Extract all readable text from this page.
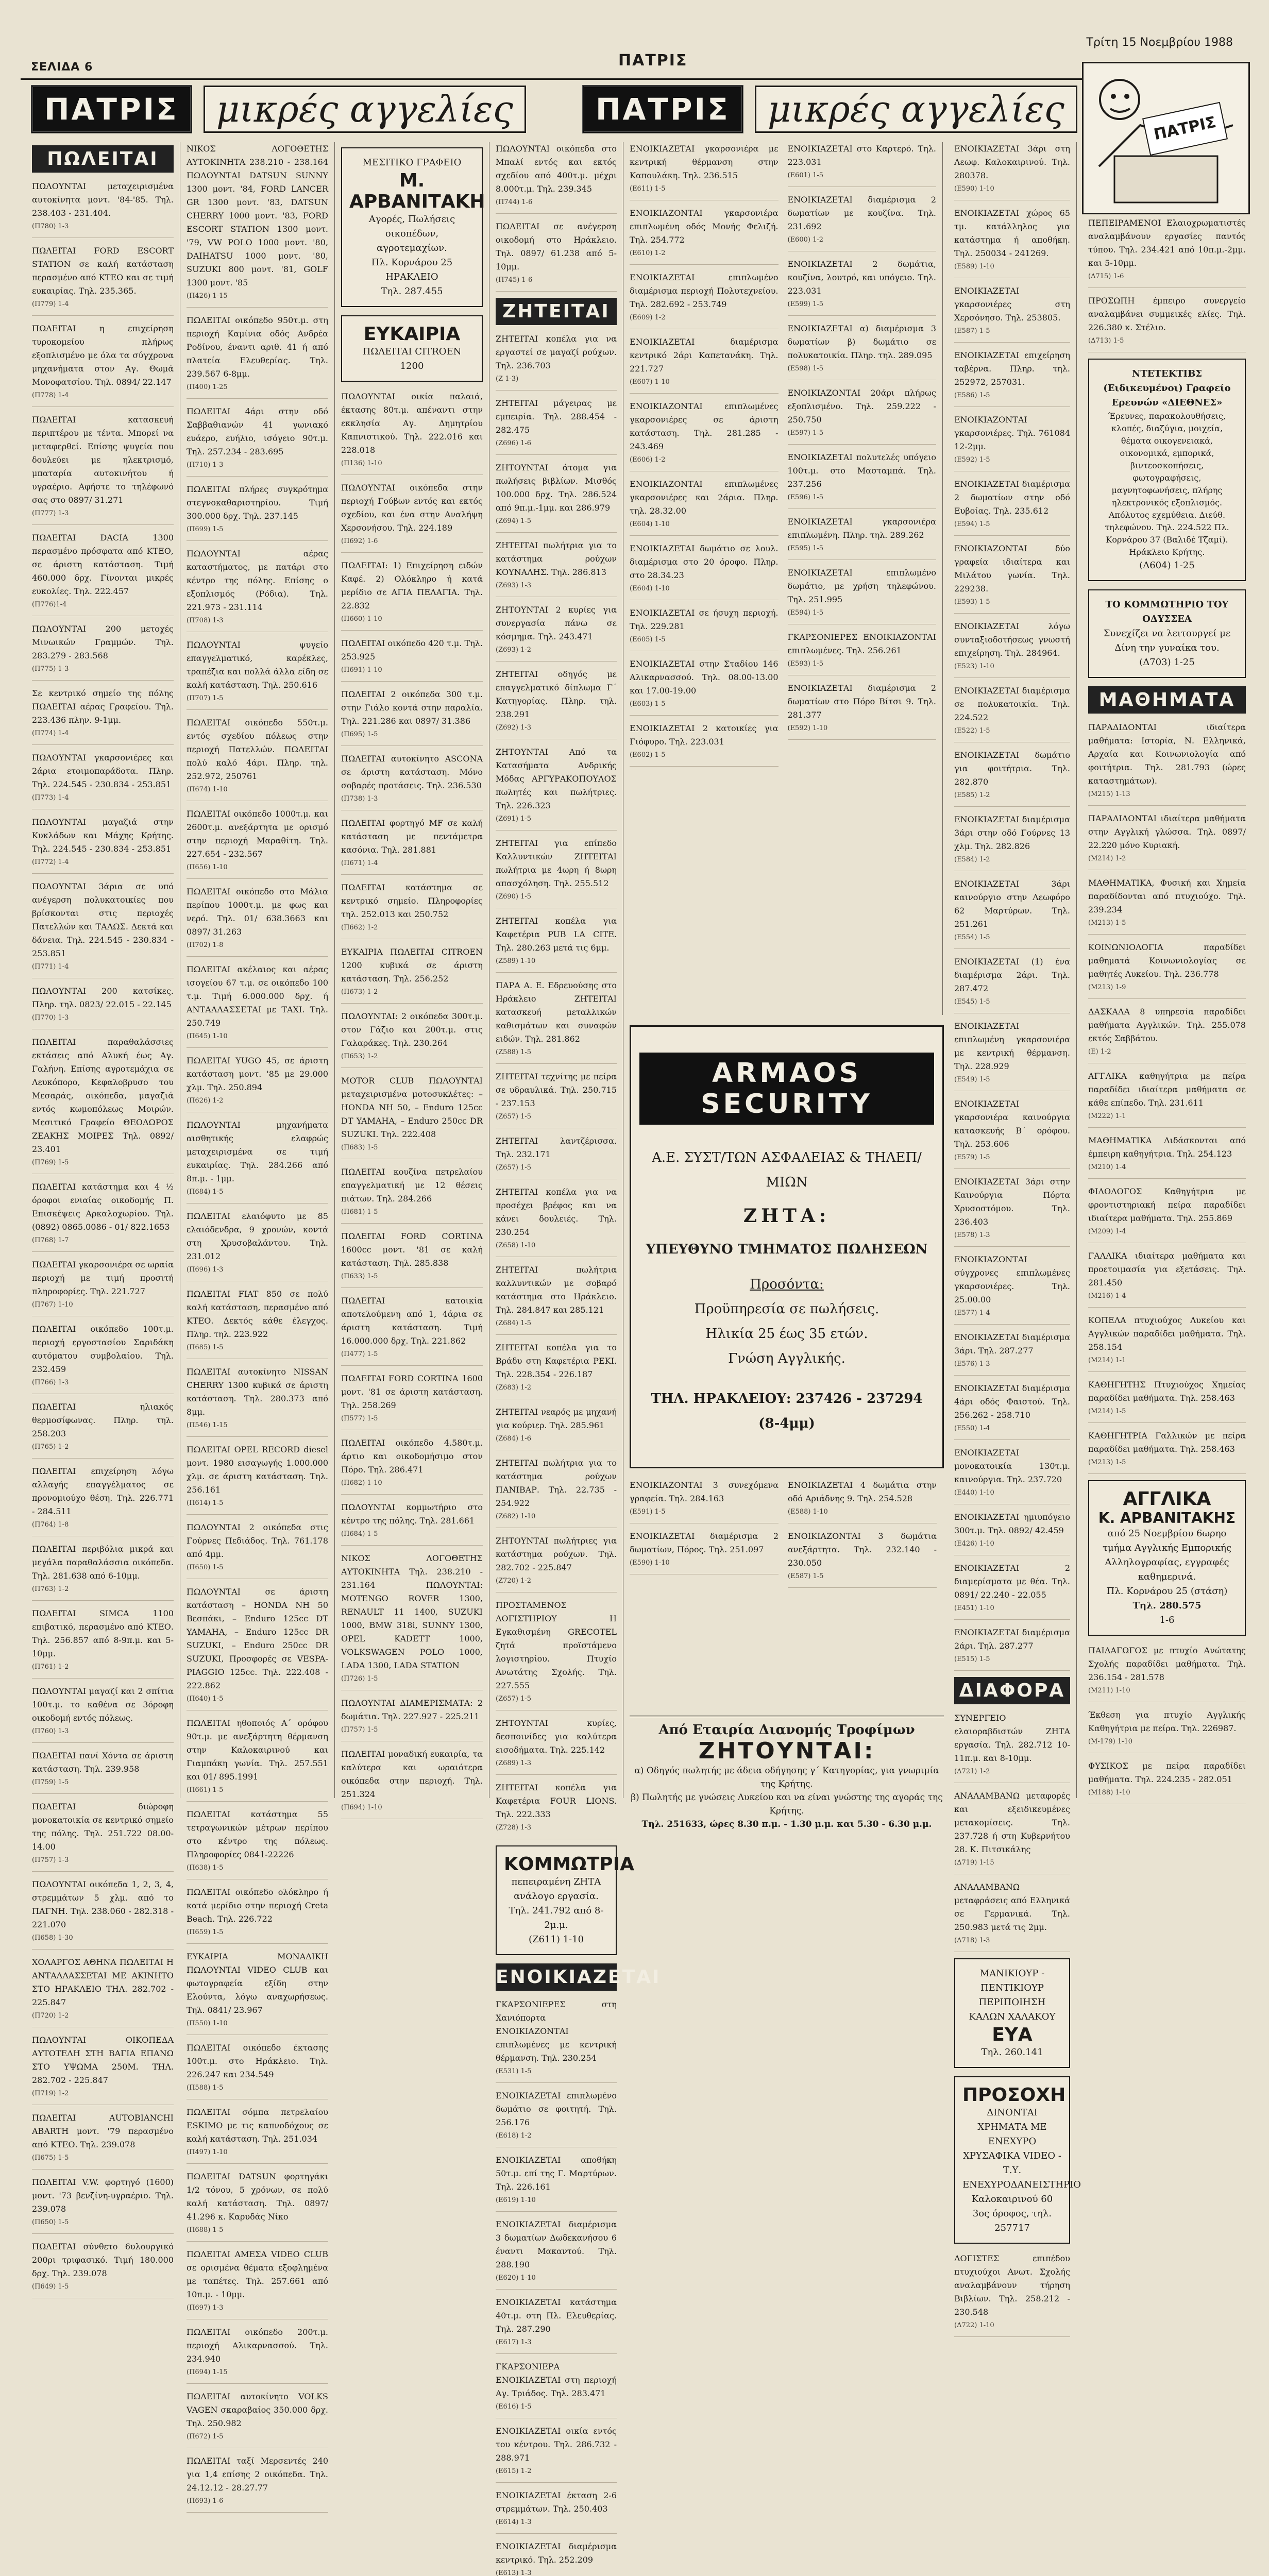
ΣΕΛΙΔΑ 6	ΠΑΤΡΙΣ
Τρίτη 15 Νοεμβρίου 1988
ΠΑΤΡΙΣ	μικρές αγγελίες	ΠΑΤΡΙΣ	μικρές αγγελίες	ΠΑΤΡΙΣ
ΠΩΛΕΙΤΑΙ
ΠΩΛΟΥΝΤΑΙ μεταχειρισμένα αυτοκίνητα μοντ. '84-'85. Τηλ. 238.403 - 231.404.
(Π780) 1-3
ΠΩΛΕΙΤΑΙ FORD ESCORT STATION σε καλή κατάσταση περασμένο από ΚΤΕΟ και σε τιμή ευκαιρίας. Τηλ. 235.365.
(Π779) 1-4
ΠΩΛΕΙΤΑΙ η επιχείρηση τυροκομείου πλήρως εξοπλισμένο με όλα τα σύγχρονα μηχανήματα στον Αγ. Θωμά Μονοφατσίου. Τηλ. 0894/ 22.147
(Π778) 1-4
ΠΩΛΕΙΤΑΙ κατασκευή περιπτέρου με τέντα. Μπορεί να μεταφερθεί. Επίσης ψυγεία που δουλεύει με ηλεκτρισμό, μπαταρία αυτοκινήτου ή υγραέριο. Αφήστε το τηλέφωνό σας στο 0897/ 31.271
(Π777) 1-3
ΠΩΛΕΙΤΑΙ DACIA 1300 περασμένο πρόσφατα από ΚΤΕΟ, σε άριστη κατάσταση. Τιμή 460.000 δρχ. Γίνονται μικρές ευκολίες. Τηλ. 222.457
(Π776)1-4
ΠΩΛΟΥΝΤΑΙ 200 μετοχές Μινωικών Γραμμών. Τηλ. 283.279 - 283.568
(Π775) 1-3
Σε κεντρικό σημείο της πόλης ΠΩΛΕΙΤΑΙ αέρας Γραφείου. Τηλ. 223.436 πλην. 9-1μμ.
(Π774) 1-4
ΠΩΛΟΥΝΤΑΙ γκαρσονιέρες και 2άρια ετοιμοπαράδοτα. Πληρ. Τηλ. 224.545 - 230.834 - 253.851
(Π773) 1-4
ΠΩΛΟΥΝΤΑΙ μαγαζιά στην Κυκλάδων και Μάχης Κρήτης. Τηλ. 224.545 - 230.834 - 253.851
(Π772) 1-4
ΠΩΛΟΥΝΤΑΙ 3άρια σε υπό ανέγερση πολυκατοικίες που βρίσκονται στις περιοχές Πατελλών και ΤΑΛΩΣ. Δεκτά και δάνεια. Τηλ. 224.545 - 230.834 - 253.851
(Π771) 1-4
ΠΩΛΟΥΝΤΑΙ 200 κατσίκες. Πληρ. τηλ. 0823/ 22.015 - 22.145
(Π770) 1-3
ΠΩΛΕΙΤΑΙ παραθαλάσσιες εκτάσεις από Αλυκή έως Αγ. Γαλήνη. Επίσης αγροτεμάχια σε Λευκόπορο, Κεφαλοβρυσο του Μεσαράς, οικόπεδα, μαγαζιά εντός κωμοπόλεως Μοιρών. Μεσιτικό Γραφείο ΘΕΟΔΩΡΟΣ ΖΕΑΚΗΣ ΜΟΙΡΕΣ Τηλ. 0892/ 23.401
(Π769) 1-5
ΠΩΛΕΙΤΑΙ κατάστημα και 4 ½ όροφοι ενιαίας οικοδομής Π. Επισκέψεις Αρκαλοχωρίου. Τηλ. (0892) 0865.0086 - 01/ 822.1653
(Π768) 1-7
ΠΩΛΕΙΤΑΙ γκαρσονιέρα σε ωραία περιοχή με τιμή προσιτή πληροφορίες. Τηλ. 221.727
(Π767) 1-10
ΠΩΛΕΙΤΑΙ οικόπεδο 100τ.μ. περιοχή εργοστασίου Σαριδάκη αυτόματου συμβολαίου. Τηλ. 232.459
(Π766) 1-3
ΠΩΛΕΙΤΑΙ ηλιακός θερμοσίφωνας. Πληρ. τηλ. 258.203
(Π765) 1-2
ΠΩΛΕΙΤΑΙ επιχείρηση λόγω αλλαγής επαγγέλματος σε προνομιούχο θέση. Τηλ. 226.771 - 284.511
(Π764) 1-8
ΠΩΛΕΙΤΑΙ περιβόλια μικρά και μεγάλα παραθαλάσσια οικόπεδα. Τηλ. 281.638 από 6-10μμ.
(Π763) 1-2
ΠΩΛΕΙΤΑΙ SIMCA 1100 επιβατικό, περασμένο από ΚΤΕΟ. Τηλ. 256.857 από 8-9π.μ. και 5-10μμ.
(Π761) 1-2
ΠΩΛΟΥΝΤΑΙ μαγαζί και 2 σπίτια 100τ.μ. το καθένα σε 3όροφη οικοδομή εντός πόλεως.
(Π760) 1-3
ΠΩΛΕΙΤΑΙ πανί Χόντα σε άριστη κατάσταση. Τηλ. 239.958
(Π759) 1-5
ΠΩΛΕΙΤΑΙ διώροφη μονοκατοικία σε κεντρικό σημείο της πόλης. Τηλ. 251.722 08.00-14.00
(Π757) 1-3
ΠΩΛΟΥΝΤΑΙ οικόπεδα 1, 2, 3, 4, στρεμμάτων 5 χλμ. από το ΠΑΓΝΗ. Τηλ. 238.060 - 282.318 - 221.070
(Π658) 1-30
ΧΟΛΑΡΓΟΣ ΑΘΗΝΑ ΠΩΛΕΙΤΑΙ Η ΑΝΤΑΛΛΑΣΣΕΤΑΙ ΜΕ ΑΚΙΝΗΤΟ ΣΤΟ ΗΡΑΚΛΕΙΟ ΤΗΛ. 282.702 - 225.847
(Π720) 1-2
ΠΩΛΟΥΝΤΑΙ ΟΙΚΟΠΕΔΑ ΑΥΤΟΤΕΛΗ ΣΤΗ ΒΑΓΙΑ ΕΠΑΝΩ ΣΤΟ ΥΨΩΜΑ 250Μ. ΤΗΛ. 282.702 - 225.847
(Π719) 1-2
ΠΩΛΕΙΤΑΙ AUTOBIANCHI ABARTH μοντ. '79 περασμένο από ΚΤΕΟ. Τηλ. 239.078
(Π675) 1-5
ΠΩΛΕΙΤΑΙ V.W. φορτηγό (1600) μοντ. '73 βενζίνη-υγραέριο. Τηλ. 239.078
(Π650) 1-5
ΠΩΛΕΙΤΑΙ σύνθετο 6υλουργικό 200ρι τριφασικό. Τιμή 180.000 δρχ. Τηλ. 239.078
(Π649) 1-5
ΝΙΚΟΣ ΛΟΓΟΘΕΤΗΣ ΑΥΤΟΚΙΝΗΤΑ 238.210 - 238.164 ΠΩΛΟΥΝΤΑΙ DATSUN SUNNY 1300 μοντ. '84, FORD LANCER GR 1300 μοντ. '83, DATSUN CHERRY 1000 μοντ. '83, FORD ESCORT STATION 1300 μοντ. '79, VW POLO 1000 μοντ. '80, DAIHATSU 1000 μοντ. '80, SUZUKI 800 μοντ. '81, GOLF 1300 μοντ. '85
(Π426) 1-15
ΠΩΛΕΙΤΑΙ οικόπεδο 950τ.μ. στη περιοχή Καμίνια οδός Ανδρέα Ροδίνου, έναντι αριθ. 41 ή από πλατεία Ελευθερίας. Τηλ. 239.567 6-8μμ.
(Π400) 1-25
ΠΩΛΕΙΤΑΙ 4άρι στην οδό Σαββαθιανών 41 γωνιακό ευάερο, ευήλιο, ισόγειο 90τ.μ. Τηλ. 257.234 - 283.695
(Π710) 1-3
ΠΩΛΕΙΤΑΙ πλήρες συγκρότημα στεγνοκαθαριστηρίου. Τιμή 300.000 δρχ. Τηλ. 237.145
(Π699) 1-5
ΠΩΛΟΥΝΤΑΙ αέρας καταστήματος, με πατάρι στο κέντρο της πόλης. Επίσης ο εξοπλισμός (Ρόδια). Τηλ. 221.973 - 231.114
(Π708) 1-3
ΠΩΛΟΥΝΤΑΙ ψυγείο επαγγελματικό, καρέκλες, τραπέζια και πολλά άλλα είδη σε καλή κατάσταση. Τηλ. 250.616
(Π707) 1-5
ΠΩΛΕΙΤΑΙ οικόπεδο 550τ.μ. εντός σχεδίου πόλεως στην περιοχή Πατελλών. ΠΩΛΕΙΤΑΙ πολύ καλό 4άρι. Πληρ. τηλ. 252.972, 250761
(Π674) 1-10
ΠΩΛΕΙΤΑΙ οικόπεδο 1000τ.μ. και 2600τ.μ. ανεξάρτητα με ορισμό στην περιοχή Μαραθίτη. Τηλ. 227.654 - 232.567
(Π656) 1-10
ΠΩΛΕΙΤΑΙ οικόπεδο στο Μάλια περίπου 1000τ.μ. με φως και νερό. Τηλ. 01/ 638.3663 και 0897/ 31.263
(Π702) 1-8
ΠΩΛΕΙΤΑΙ ακέλαιος και αέρας ισογείου 67 τ.μ. σε οικόπεδο 100 τ.μ. Τιμή 6.000.000 δρχ. ή ΑΝΤΑΛΛΑΣΣΕΤΑΙ με ΤΑΧΙ. Τηλ. 250.749
(Π645) 1-10
ΠΩΛΕΙΤΑΙ YUGO 45, σε άριστη κατάσταση μοντ. '85 με 29.000 χλμ. Τηλ. 250.894
(Π626) 1-2
ΠΩΛΟΥΝΤΑΙ μηχανήματα αισθητικής ελαφρώς μεταχειρισμένα σε τιμή ευκαιρίας. Τηλ. 284.266 από 8π.μ. - 1μμ.
(Π684) 1-5
ΠΩΛΕΙΤΑΙ ελαιόφυτο με 85 ελαιόδενδρα, 9 χρονών, κοντά στη Χρυσοβαλάντου. Τηλ. 231.012
(Π696) 1-3
ΠΩΛΕΙΤΑΙ FIAT 850 σε πολύ καλή κατάσταση, περασμένο από ΚΤΕΟ. Δεκτός κάθε έλεγχος. Πληρ. τηλ. 223.922
(Π685) 1-5
ΠΩΛΕΙΤΑΙ αυτοκίνητο NISSAN CHERRY 1300 κυβικά σε άριστη κατάσταση. Τηλ. 280.373 από 8μμ.
(Π546) 1-15
ΠΩΛΕΙΤΑΙ OPEL RECORD diesel μοντ. 1980 εισαγωγής 1.000.000 χλμ. σε άριστη κατάσταση. Τηλ. 256.161
(Π614) 1-5
ΠΩΛΟΥΝΤΑΙ 2 οικόπεδα στις Γούρνες Πεδιάδος. Τηλ. 761.178 από 4μμ.
(Π650) 1-5
ΠΩΛΟΥΝΤΑΙ σε άριστη κατάσταση – HONDA NH 50 Βεσπάκι, – Enduro 125cc DT YAMAHA, – Enduro 125cc DR SUZUKI, – Enduro 250cc DR SUZUKI, Προσφορές σε VESPA-PIAGGIO 125cc. Τηλ. 222.408 - 222.862
(Π640) 1-5
ΠΩΛΕΙΤΑΙ ηθοποιός Α΄ ορόφου 90τ.μ. με ανεξάρτητη θέρμανση στην Καλοκαιρινού και Γιαμπάκη γωνία. Τηλ. 257.551 και 01/ 895.1991
(Π661) 1-5
ΠΩΛΕΙΤΑΙ κατάστημα 55 τετραγωνικών μέτρων περίπου στο κέντρο της πόλεως. Πληροφορίες 0841-22226
(Π638) 1-5
ΠΩΛΕΙΤΑΙ οικόπεδο ολόκληρο ή κατά μερίδιο στην περιοχή Creta Beach. Τηλ. 226.722
(Π659) 1-5
ΕΥΚΑΙΡΙΑ ΜΟΝΑΔΙΚΗ ΠΩΛΟΥΝΤΑΙ VIDEO CLUB και φωτογραφεία εξίδη στην Ελούντα, λόγω αναχωρήσεως. Τηλ. 0841/ 23.967
(Π550) 1-10
ΠΩΛΕΙΤΑΙ οικόπεδο έκτασης 100τ.μ. στο Ηράκλειο. Τηλ. 226.247 και 234.549
(Π588) 1-5
ΠΩΛΕΙΤΑΙ σόμπα πετρελαίου ESKIMO με τις καπνοδόχους σε καλή κατάσταση. Τηλ. 251.034
(Π497) 1-10
ΠΩΛΕΙΤΑΙ DATSUN φορτηγάκι 1/2 τόνου, 5 χρόνων, σε πολύ καλή κατάσταση. Τηλ. 0897/ 41.296 κ. Καρυδάς Νίκο
(Π688) 1-5
ΠΩΛΕΙΤΑΙ ΑΜΕΣΑ VIDEO CLUB σε ορισμένα θέματα εξοφλημένα με ταπέτες. Τηλ. 257.661 από 10π.μ. - 10μμ.
(Π697) 1-3
ΠΩΛΕΙΤΑΙ οικόπεδο 200τ.μ. περιοχή Αλικαρνασσού. Τηλ. 234.940
(Π694) 1-15
ΠΩΛΕΙΤΑΙ αυτοκίνητο VOLKS VAGEN σκαραβαίος 350.000 δρχ. Τηλ. 250.982
(Π672) 1-5
ΠΩΛΕΙΤΑΙ ταξί Μερσεντές 240 για 1,4 επίσης 2 οικόπεδα. Τηλ. 24.12.12 - 28.27.77
(Π693) 1-6
ΜΕΣΙΤΙΚΟ ΓΡΑΦΕΙΟ
Μ. ΑΡΒΑΝΙΤΑΚΗ
Αγορές, Πωλήσεις οικοπέδων, αγροτεμαχίων.
Πλ. Κορνάρου 25 ΗΡΑΚΛΕΙΟ
Τηλ. 287.455
ΕΥΚΑΙΡΙΑ
ΠΩΛΕΙΤΑΙ CITROEN 1200
ΠΩΛΟΥΝΤΑΙ οικία παλαιά, έκτασης 80τ.μ. απέναντι στην εκκλησία Αγ. Δημητρίου Καπνιστικού. Τηλ. 222.016 και 228.018
(Π136) 1-10
ΠΩΛΟΥΝΤΑΙ οικόπεδα στην περιοχή Γούβων εντός και εκτός σχεδίου, και ένα στην Αναλήψη Χερσονήσου. Τηλ. 224.189
(Π692) 1-6
ΠΩΛΕΙΤΑΙ: 1) Επιχείρηση ειδών Καφέ. 2) Ολόκληρο ή κατά μερίδιο σε ΑΓΙΑ ΠΕΛΑΓΙΑ. Τηλ. 22.832
(Π660) 1-10
ΠΩΛΕΙΤΑΙ οικόπεδο 420 τ.μ. Τηλ. 253.925
(Π691) 1-10
ΠΩΛΕΙΤΑΙ 2 οικόπεδα 300 τ.μ. στην Γιάλο κοντά στην παραλία. Τηλ. 221.286 και 0897/ 31.386
(Π695) 1-5
ΠΩΛΕΙΤΑΙ αυτοκίνητο ASCONA σε άριστη κατάσταση. Μόνο σοβαρές προτάσεις. Τηλ. 236.530
(Π738) 1-3
ΠΩΛΕΙΤΑΙ φορτηγό MF σε καλή κατάσταση με πεντάμετρα κασόνια. Τηλ. 281.881
(Π671) 1-4
ΠΩΛΕΙΤΑΙ κατάστημα σε κεντρικό σημείο. Πληροφορίες τηλ. 252.013 και 250.752
(Π662) 1-2
ΕΥΚΑΙΡΙΑ ΠΩΛΕΙΤΑΙ CITROEN 1200 κυβικά σε άριστη κατάσταση. Τηλ. 256.252
(Π673) 1-2
ΠΩΛΟΥΝΤΑΙ: 2 οικόπεδα 300τ.μ. στον Γάζιο και 200τ.μ. στις Γαλαράκες. Τηλ. 230.264
(Π653) 1-2
MOTOR CLUB ΠΩΛΟΥΝΤΑΙ μεταχειρισμένα μοτοσυκλέτες: – HONDA NH 50, – Enduro 125cc DT YAMAHA, – Enduro 250cc DR SUZUKI. Τηλ. 222.408
(Π683) 1-5
ΠΩΛΕΙΤΑΙ κουζίνα πετρελαίου επαγγελματική με 12 θέσεις πιάτων. Τηλ. 284.266
(Π681) 1-5
ΠΩΛΕΙΤΑΙ FORD CORTINA 1600cc μοντ. '81 σε καλή κατάσταση. Τηλ. 285.838
(Π633) 1-5
ΠΩΛΕΙΤΑΙ κατοικία αποτελούμενη από 1, 4άρια σε άριστη κατάσταση. Τιμή 16.000.000 δρχ. Τηλ. 221.862
(Π477) 1-5
ΠΩΛΕΙΤΑΙ FORD CORTINA 1600 μοντ. '81 σε άριστη κατάσταση. Τηλ. 258.269
(Π577) 1-5
ΠΩΛΕΙΤΑΙ οικόπεδο 4.580τ.μ. άρτιο και οικοδομήσιμο στον Πόρο. Τηλ. 286.471
(Π682) 1-10
ΠΩΛΟΥΝΤΑΙ κομμωτήριο στο κέντρο της πόλης. Τηλ. 281.661
(Π684) 1-5
ΝΙΚΟΣ ΛΟΓΟΘΕΤΗΣ ΑΥΤΟΚΙΝΗΤΑ Τηλ. 238.210 - 231.164 ΠΩΛΟΥΝΤΑΙ: MOTENGO ROVER 1300, RENAULT 11 1400, SUZUKI 1000, BMW 318i, SUNNY 1300, OPEL KADETT 1000, VOLKSWAGEN POLO 1000, LADA 1300, LADA STATION
(Π726) 1-5
ΠΩΛΟΥΝΤΑΙ ΔΙΑΜΕΡΙΣΜΑΤΑ: 2 δωμάτια. Τηλ. 227.927 - 225.211
(Π757) 1-5
ΠΩΛΕΙΤΑΙ μοναδική ευκαιρία, τα καλύτερα και ωραιότερα οικόπεδα στην περιοχή. Τηλ. 251.324
(Π694) 1-10
ΠΩΛΟΥΝΤΑΙ οικόπεδα στο Μπαλί εντός και εκτός σχεδίου από 400τ.μ. μέχρι 8.000τ.μ. Τηλ. 239.345
(Π744) 1-6
ΠΩΛΕΙΤΑΙ σε ανέγερση οικοδομή στο Ηράκλειο. Τηλ. 0897/ 61.238 από 5-10μμ.
(Π745) 1-6
ΖΗΤΕΙΤΑΙ
ΖΗΤΕΙΤΑΙ κοπέλα για να εργαστεί σε μαγαζί ρούχων. Τηλ. 236.703
(Ζ 1-3)
ΖΗΤΕΙΤΑΙ μάγειρας με εμπειρία. Τηλ. 288.454 - 282.475
(Ζ696) 1-6
ΖΗΤΟΥΝΤΑΙ άτομα για πωλήσεις βιβλίων. Μισθός 100.000 δρχ. Τηλ. 286.524 από 9π.μ.-1μμ. και 286.979
(Ζ694) 1-5
ΖΗΤΕΙΤΑΙ πωλήτρια για το κατάστημα ρούχων ΚΟΥΝΑΛΗΣ. Τηλ. 286.813
(Ζ693) 1-3
ΖΗΤΟΥΝΤΑΙ 2 κυρίες για συνεργασία πάνω σε κόσμημα. Τηλ. 243.471
(Ζ693) 1-2
ΖΗΤΕΙΤΑΙ οδηγός με επαγγελματικό δίπλωμα Γ΄ Κατηγορίας. Πληρ. τηλ. 238.291
(Ζ692) 1-3
ΖΗΤΟΥΝΤΑΙ Από τα Κατασήματα Ανδρικής Μόδας ΑΡΓΥΡΑΚΟΠΟΥΛΟΣ πωλητές και πωλήτριες. Τηλ. 226.323
(Ζ691) 1-5
ΖΗΤΕΙΤΑΙ για επίπεδο Καλλυντικών ΖΗΤΕΙΤΑΙ πωλήτρια με 4ωρη ή 8ωρη απασχόληση. Τηλ. 255.512
(Ζ690) 1-5
ΖΗΤΕΙΤΑΙ κοπέλα για Καφετέρια PUB LA CITE. Τηλ. 280.263 μετά τις 6μμ.
(Ζ589) 1-10
ΠΑΡΑ Α. Ε. Εδρευούσης στο Ηράκλειο ΖΗΤΕΙΤΑΙ κατασκευή μεταλλικών καθισμάτων και συναφών ειδών. Τηλ. 281.862
(Ζ588) 1-5
ΖΗΤΕΙΤΑΙ τεχνίτης με πείρα σε υδραυλικά. Τηλ. 250.715 - 237.153
(Ζ657) 1-5
ΖΗΤΕΙΤΑΙ λαντζέρισσα. Τηλ. 232.171
(Ζ657) 1-5
ΖΗΤΕΙΤΑΙ κοπέλα για να προσέχει βρέφος και να κάνει δουλειές. Τηλ. 230.254
(Ζ658) 1-10
ΖΗΤΕΙΤΑΙ πωλήτρια καλλυντικών με σοβαρό κατάστημα στο Ηράκλειο. Τηλ. 284.847 και 285.121
(Ζ684) 1-5
ΖΗΤΕΙΤΑΙ κοπέλα για το Βράδυ στη Καφετέρια ΡΕΚΙ. Τηλ. 228.354 - 226.187
(Ζ683) 1-2
ΖΗΤΕΙΤΑΙ νεαρός με μηχανή για κούριερ. Τηλ. 285.961
(Ζ684) 1-6
ΖΗΤΕΙΤΑΙ πωλήτρια για το κατάστημα ρούχων ΠΑΝΙΒΑΡ. Τηλ. 22.735 - 254.922
(Ζ682) 1-10
ΖΗΤΟΥΝΤΑΙ πωλήτριες για κατάστημα ρούχων. Τηλ. 282.702 - 225.847
(Ζ720) 1-2
ΠΡΟΣΤΑΜΕΝΟΣ ΛΟΓΙΣΤΗΡΙΟΥ Η Εγκαθισμένη GRECOTEL ζητά προϊστάμενο λογιστηρίου. Πτυχίο Ανωτάτης Σχολής. Τηλ. 227.555
(Ζ657) 1-5
ΖΗΤΟΥΝΤΑΙ κυρίες, δεσποινίδες για καλύτερα εισοδήματα. Τηλ. 225.142
(Ζ689) 1-3
ΖΗΤΕΙΤΑΙ κοπέλα για Καφετέρια FOUR LIONS. Τηλ. 222.333
(Ζ728) 1-3
ΚΟΜΜΩΤΡΙΑ
πεπειραμένη ΖΗΤΑ ανάλογο εργασία. Τηλ. 241.792 από 8-2μ.μ.
(Ζ611) 1-10
ΕΝΟΙΚΙΑΖΕΤΑΙ
ΓΚΑΡΣΟΝΙΕΡΕΣ στη Χανιόπορτα ΕΝΟΙΚΙΑΖΟΝΤΑΙ επιπλωμένες με κεντρική θέρμανση. Τηλ. 230.254
(Ε531) 1-5
ΕΝΟΙΚΙΑΖΕΤΑΙ επιπλωμένο δωμάτιο σε φοιτητή. Τηλ. 256.176
(Ε618) 1-2
ΕΝΟΙΚΙΑΖΕΤΑΙ αποθήκη 50τ.μ. επί της Γ. Μαρτύρων. Τηλ. 226.161
(Ε619) 1-10
ΕΝΟΙΚΙΑΖΕΤΑΙ διαμέρισμα 3 δωματίων Δωδεκανήσου 6 έναντι Μακαντού. Τηλ. 288.190
(Ε620) 1-10
ΕΝΟΙΚΙΑΖΕΤΑΙ κατάστημα 40τ.μ. στη Πλ. Ελευθερίας. Τηλ. 287.290
(Ε617) 1-3
ΓΚΑΡΣΟΝΙΕΡΑ ΕΝΟΙΚΙΑΖΕΤΑΙ στη περιοχή Αγ. Τριάδος. Τηλ. 283.471
(Ε616) 1-5
ΕΝΟΙΚΙΑΖΕΤΑΙ οικία εντός του κέντρου. Τηλ. 286.732 - 288.971
(Ε615) 1-2
ΕΝΟΙΚΙΑΖΕΤΑΙ έκταση 2-6 στρεμμάτων. Τηλ. 250.403
(Ε614) 1-3
ΕΝΟΙΚΙΑΖΕΤΑΙ διαμέρισμα κεντρικό. Τηλ. 252.209
(Ε613) 1-3
ΕΝΟΙΚΙΑΖΕΤΑΙ γκαρσονιέρα με κεντρική θέρμανση στην Καπουλάκη. Τηλ. 236.515
(Ε611) 1-5
ΕΝΟΙΚΙΑΖΟΝΤΑΙ γκαρσονιέρα επιπλωμένη οδός Μονής Φελιζή. Τηλ. 254.772
(Ε610) 1-2
ΕΝΟΙΚΙΑΖΕΤΑΙ επιπλωμένο διαμέρισμα περιοχή Πολυτεχνείου. Τηλ. 282.692 - 253.749
(Ε609) 1-2
ΕΝΟΙΚΙΑΖΕΤΑΙ διαμέρισμα κεντρικό 2άρι Καπετανάκη. Τηλ. 221.727
(Ε607) 1-10
ΕΝΟΙΚΙΑΖΟΝΤΑΙ επιπλωμένες γκαρσονιέρες σε άριστη κατάσταση. Τηλ. 281.285 - 243.469
(Ε606) 1-2
ΕΝΟΙΚΙΑΖΟΝΤΑΙ επιπλωμένες γκαρσονιέρες και 2άρια. Πληρ. τηλ. 28.32.00
(Ε604) 1-10
ΕΝΟΙΚΙΑΖΕΤΑΙ δωμάτιο σε λουλ. διαμέρισμα στο 20 όροφο. Πληρ. στο 28.34.23
(Ε604) 1-10
ΕΝΟΙΚΙΑΖΕΤΑΙ σε ήσυχη περιοχή. Τηλ. 229.281
(Ε605) 1-5
ΕΝΟΙΚΙΑΖΕΤΑΙ στην Σταδίου 146 Αλικαρνασσού. Τηλ. 08.00-13.00 και 17.00-19.00
(Ε603) 1-5
ΕΝΟΙΚΙΑΖΕΤΑΙ 2 κατοικίες για Γιόφυρο. Τηλ. 223.031
(Ε602) 1-5
ΕΝΟΙΚΙΑΖΕΤΑΙ στο Καρτερό. Τηλ. 223.031
(Ε601) 1-5
ΕΝΟΙΚΙΑΖΕΤΑΙ διαμέρισμα 2 δωματίων με κουζίνα. Τηλ. 231.692
(Ε600) 1-2
ΕΝΟΙΚΙΑΖΕΤΑΙ 2 δωμάτια, κουζίνα, λουτρό, και υπόγειο. Τηλ. 223.031
(Ε599) 1-5
ΕΝΟΙΚΙΑΖΕΤΑΙ α) διαμέρισμα 3 δωματίων β) δωμάτιο σε πολυκατοικία. Πληρ. τηλ. 289.095
(Ε598) 1-5
ΕΝΟΙΚΙΑΖΟΝΤΑΙ 20άρι πλήρως εξοπλισμένο. Τηλ. 259.222 - 250.750
(Ε597) 1-5
ΕΝΟΙΚΙΑΖΕΤΑΙ πολυτελές υπόγειο 100τ.μ. στο Μασταμπά. Τηλ. 237.256
(Ε596) 1-5
ΕΝΟΙΚΙΑΖΕΤΑΙ γκαρσονιέρα επιπλωμένη. Πληρ. τηλ. 289.262
(Ε595) 1-5
ΕΝΟΙΚΙΑΖΕΤΑΙ επιπλωμένο δωμάτιο, με χρήση τηλεφώνου. Τηλ. 251.995
(Ε594) 1-5
ΓΚΑΡΣΟΝΙΕΡΕΣ ΕΝΟΙΚΙΑΖΟΝΤΑΙ επιπλωμένες. Τηλ. 256.261
(Ε593) 1-5
ΕΝΟΙΚΙΑΖΕΤΑΙ διαμέρισμα 2 δωματίων στο Πόρο Βίτσι 9. Τηλ. 281.377
(Ε592) 1-10
ARMAOS SECURITY
Α.Ε. ΣΥΣΤ/ΤΩΝ ΑΣΦΑΛΕΙΑΣ & ΤΗΛΕΠ/ΜΙΩΝ
ΖΗΤΑ:
ΥΠΕΥΘΥΝΟ ΤΜΗΜΑΤΟΣ ΠΩΛΗΣΕΩΝ
Προσόντα:
Προϋπηρεσία σε πωλήσεις.
Ηλικία 25 έως 35 ετών.
Γνώση Αγγλικής.
ΤΗΛ. ΗΡΑΚΛΕΙΟΥ: 237426 - 237294 (8-4μμ)
ΕΝΟΙΚΙΑΖΟΝΤΑΙ 3 συνεχόμενα γραφεία. Τηλ. 284.163
(Ε591) 1-5
ΕΝΟΙΚΙΑΖΕΤΑΙ διαμέρισμα 2 δωματίων, Πόρος. Τηλ. 251.097
(Ε590) 1-10
ΕΝΟΙΚΙΑΖΕΤΑΙ 4 δωμάτια στην οδό Αριάδνης 9. Τηλ. 254.528
(Ε588) 1-10
ΕΝΟΙΚΙΑΖΟΝΤΑΙ 3 δωμάτια ανεξάρτητα. Τηλ. 232.140 - 230.050
(Ε587) 1-5
Από Εταιρία Διανομής Τροφίμων
ΖΗΤΟΥΝΤΑΙ:
α) Οδηγός πωλητής με άδεια οδήγησης γ΄ Κατηγορίας, για γνωριμία της Κρήτης.
β) Πωλητής με γνώσεις Λυκείου και να είναι γνώστης της αγοράς της Κρήτης.
Τηλ. 251633, ώρες 8.30 π.μ. - 1.30 μ.μ. και 5.30 - 6.30 μ.μ.
ΕΝΟΙΚΙΑΖΕΤΑΙ 3άρι στη Λεωφ. Καλοκαιρινού. Τηλ. 280378.
(Ε590) 1-10
ΕΝΟΙΚΙΑΖΕΤΑΙ χώρος 65 τμ. κατάλληλος για κατάστημα ή αποθήκη. Τηλ. 250034 - 241269.
(Ε589) 1-10
ΕΝΟΙΚΙΑΖΕΤΑΙ γκαρσονιέρες στη Χερσόνησο. Τηλ. 253805.
(Ε587) 1-5
ΕΝΟΙΚΙΑΖΕΤΑΙ επιχείρηση ταβέρνα. Πληρ. τηλ. 252972, 257031.
(Ε586) 1-5
ΕΝΟΙΚΙΑΖΟΝΤΑΙ γκαρσονιέρες. Τηλ. 761084 12-2μμ.
(Ε592) 1-5
ΕΝΟΙΚΙΑΖΕΤΑΙ διαμέρισμα 2 δωματίων στην οδό Ευβοίας. Τηλ. 235.612
(Ε594) 1-5
ΕΝΟΙΚΙΑΖΟΝΤΑΙ δύο γραφεία ιδιαίτερα και Μιλάτου γωνία. Τηλ. 229238.
(Ε593) 1-5
ΕΝΟΙΚΙΑΖΕΤΑΙ λόγω συνταξιοδοτήσεως γνωστή επιχείρηση. Τηλ. 284964.
(Ε523) 1-10
ΕΝΟΙΚΙΑΖΕΤΑΙ διαμέρισμα σε πολυκατοικία. Τηλ. 224.522
(Ε522) 1-5
ΕΝΟΙΚΙΑΖΕΤΑΙ δωμάτιο για φοιτήτρια. Τηλ. 282.870
(Ε585) 1-2
ΕΝΟΙΚΙΑΖΕΤΑΙ διαμέρισμα 3άρι στην οδό Γούρνες 13 χλμ. Τηλ. 282.826
(Ε584) 1-2
ΕΝΟΙΚΙΑΖΕΤΑΙ 3άρι καινούργιο στην Λεωφόρο 62 Μαρτύρων. Τηλ. 251.261
(Ε554) 1-5
ΕΝΟΙΚΙΑΖΕΤΑΙ (1) ένα διαμέρισμα 2άρι. Τηλ. 287.472
(Ε545) 1-5
ΕΝΟΙΚΙΑΖΕΤΑΙ επιπλωμένη γκαρσονιέρα με κεντρική θέρμανση. Τηλ. 228.929
(Ε549) 1-5
ΕΝΟΙΚΙΑΖΕΤΑΙ γκαρσονιέρα καινούργια κατασκευής Β΄ ορόφου. Τηλ. 253.606
(Ε579) 1-5
ΕΝΟΙΚΙΑΖΕΤΑΙ 3άρι στην Καινούργια Πόρτα Χρυσοστόμου. Τηλ. 236.403
(Ε578) 1-3
ΕΝΟΙΚΙΑΖΟΝΤΑΙ σύγχρονες επιπλωμένες γκαρσονιέρες. Τηλ. 25.00.00
(Ε577) 1-4
ΕΝΟΙΚΙΑΖΕΤΑΙ διαμέρισμα 3άρι. Τηλ. 287.277
(Ε576) 1-3
ΕΝΟΙΚΙΑΖΕΤΑΙ διαμέρισμα 4άρι οδός Φαιστού. Τηλ. 256.262 - 258.710
(Ε550) 1-4
ΕΝΟΙΚΙΑΖΕΤΑΙ μονοκατοικία 130τ.μ. καινούργια. Τηλ. 237.720
(Ε440) 1-10
ΕΝΟΙΚΙΑΖΕΤΑΙ ημιυπόγειο 300τ.μ. Τηλ. 0892/ 42.459
(Ε426) 1-10
ΕΝΟΙΚΙΑΖΕΤΑΙ 2 διαμερίσματα με θέα. Τηλ. 0891/ 22.240 - 22.055
(Ε451) 1-10
ΕΝΟΙΚΙΑΖΕΤΑΙ διαμέρισμα 2άρι. Τηλ. 287.277
(Ε515) 1-5
ΔΙΑΦΟΡΑ
ΣΥΝΕΡΓΕΙΟ ελαιοραβδιστών ΖΗΤΑ εργασία. Τηλ. 282.712 10-11π.μ. και 8-10μμ.
(Δ721) 1-2
ΑΝΑΛΑΜΒΑΝΩ μεταφορές και εξειδικευμένες μετακομίσεις. Τηλ. 237.728 ή στη Κυβερνήτου 28. Κ. Πιτσικάλης
(Δ719) 1-15
ΑΝΑΛΑΜΒΑΝΩ μεταφράσεις από Ελληνικά σε Γερμανικά. Τηλ. 250.983 μετά τις 2μμ.
(Δ718) 1-3
ΜΑΝΙΚΙΟΥΡ - ΠΕΝΤΙΚΙΟΥΡ ΠΕΡΙΠΟΙΗΣΗ ΚΑΛΩΝ ΧΑΛΑΚΟΥ
ΕΥΑ
Τηλ. 260.141
ΠΡΟΣΟΧΗ
ΔΙΝΟΝΤΑΙ ΧΡΗΜΑΤΑ ΜΕ ΕΝΕΧΥΡΟ ΧΡΥΣΑΦΙΚΑ VIDEO - Τ.Υ. ΕΝΕΧΥΡΟΔΑΝΕΙΣΤΗΡΙΟ
Καλοκαιρινού 60 3ος όροφος, τηλ. 257717
ΛΟΓΙΣΤΕΣ επιπέδου πτυχιούχοι Ανωτ. Σχολής αναλαμβάνουν τήρηση Βιβλίων. Τηλ. 258.212 - 230.548
(Δ722) 1-10
ΠΕΠΕΙΡΑΜΕΝΟΙ Ελαιοχρωματιστές αναλαμβάνουν εργασίες παντός τύπου. Τηλ. 234.421 από 10π.μ.-2μμ. και 5-10μμ.
(Δ715) 1-6
ΠΡΟΣΩΠΗ έμπειρο συνεργείο αναλαμβάνει συμμεικές ελίες. Τηλ. 226.380 κ. Στέλιο.
(Δ713) 1-5
ΝΤΕΤΕΚΤΙΒΣ (Ειδικευμένοι) Γραφείο Ερευνών «ΔΙΕΘΝΕΣ»
Έρευνες, παρακολουθήσεις, κλοπές, διαζύγια, μοιχεία, θέματα οικογενειακά, οικονομικά, εμπορικά, βιντεοσκοπήσεις, φωτογραφήσεις, μαγνητοφωνήσεις, πλήρης ηλεκτρονικός εξοπλισμός. Απόλυτος εχεμύθεια. Διεύθ. τηλεφώνου. Τηλ. 224.522 Πλ. Κορνάρου 37 (Βαλιδέ Τζαμί). Ηράκλειο Κρήτης.
(Δ604) 1-25
ΤΟ ΚΟΜΜΩΤΗΡΙΟ ΤΟΥ ΟΔΥΣΣΕΑ
Συνεχίζει να λειτουργεί με Δίνη την γυναίκα του.
(Δ703) 1-25
ΜΑΘΗΜΑΤΑ
ΠΑΡΑΔΙΔΟΝΤΑΙ ιδιαίτερα μαθήματα: Ιστορία, Ν. Ελληνικά, Αρχαία και Κοινωνιολογία από φοιτήτρια. Τηλ. 281.793 (ώρες καταστημάτων).
(Μ215) 1-13
ΠΑΡΑΔΙΔΟΝΤΑΙ ιδιαίτερα μαθήματα στην Αγγλική γλώσσα. Τηλ. 0897/ 22.220 μόνο Κυριακή.
(Μ214) 1-2
ΜΑΘΗΜΑΤΙΚΑ, Φυσική και Χημεία παραδίδονται από πτυχιούχο. Τηλ. 239.234
(Μ213) 1-5
ΚΟΙΝΩΝΙΟΛΟΓΙΑ παραδίδει μαθηματά Κοινωνιολογίας σε μαθητές Λυκείου. Τηλ. 236.778
(Μ213) 1-9
ΔΑΣΚΑΛΑ 8 υπηρεσία παραδίδει μαθήματα Αγγλικών. Τηλ. 255.078 εκτός Σαββάτου.
(Ε) 1-2
ΑΓΓΛΙΚΑ καθηγήτρια με πείρα παραδίδει ιδιαίτερα μαθήματα σε κάθε επίπεδο. Τηλ. 231.611
(Μ222) 1-1
ΜΑΘΗΜΑΤΙΚΑ Διδάσκονται από έμπειρη καθηγήτρια. Τηλ. 254.123
(Μ210) 1-4
ΦΙΛΟΛΟΓΟΣ Καθηγήτρια με φροντιστηριακή πείρα παραδίδει ιδιαίτερα μαθήματα. Τηλ. 255.869
(Μ209) 1-4
ΓΑΛΛΙΚΑ ιδιαίτερα μαθήματα και προετοιμασία για εξετάσεις. Τηλ. 281.450
(Μ216) 1-4
ΚΟΠΕΛΑ πτυχιούχος Λυκείου και Αγγλικών παραδίδει μαθήματα. Τηλ. 258.154
(Μ214) 1-1
ΚΑΘΗΓΗΤΗΣ Πτυχιούχος Χημείας παραδίδει μαθήματα. Τηλ. 258.463
(Μ214) 1-5
ΚΑΘΗΓΗΤΡΙΑ Γαλλικών με πείρα παραδίδει μαθήματα. Τηλ. 258.463
(Μ213) 1-5
ΑΓΓΛΙΚΑ
Κ. ΑΡΒΑΝΙΤΑΚΗΣ
από 25 Νοεμβρίου 6ωρηο τμήμα Αγγλικής Εμπορικής Αλληλογραφίας, εγγραφές καθημερινά.
Πλ. Κορνάρου 25 (στάση)
Τηλ. 280.575
1-6
ΠΑΙΔΑΓΩΓΟΣ με πτυχίο Ανώτατης Σχολής παραδίδει μαθήματα. Τηλ. 236.154 - 281.578
(Μ211) 1-10
Έκθεση για πτυχίο Αγγλικής Καθηγήτρια με πείρα. Τηλ. 226987.
(Μ-179) 1-10
ΦΥΣΙΚΟΣ με πείρα παραδίδει μαθήματα. Τηλ. 224.235 - 282.051
(Μ188) 1-10
